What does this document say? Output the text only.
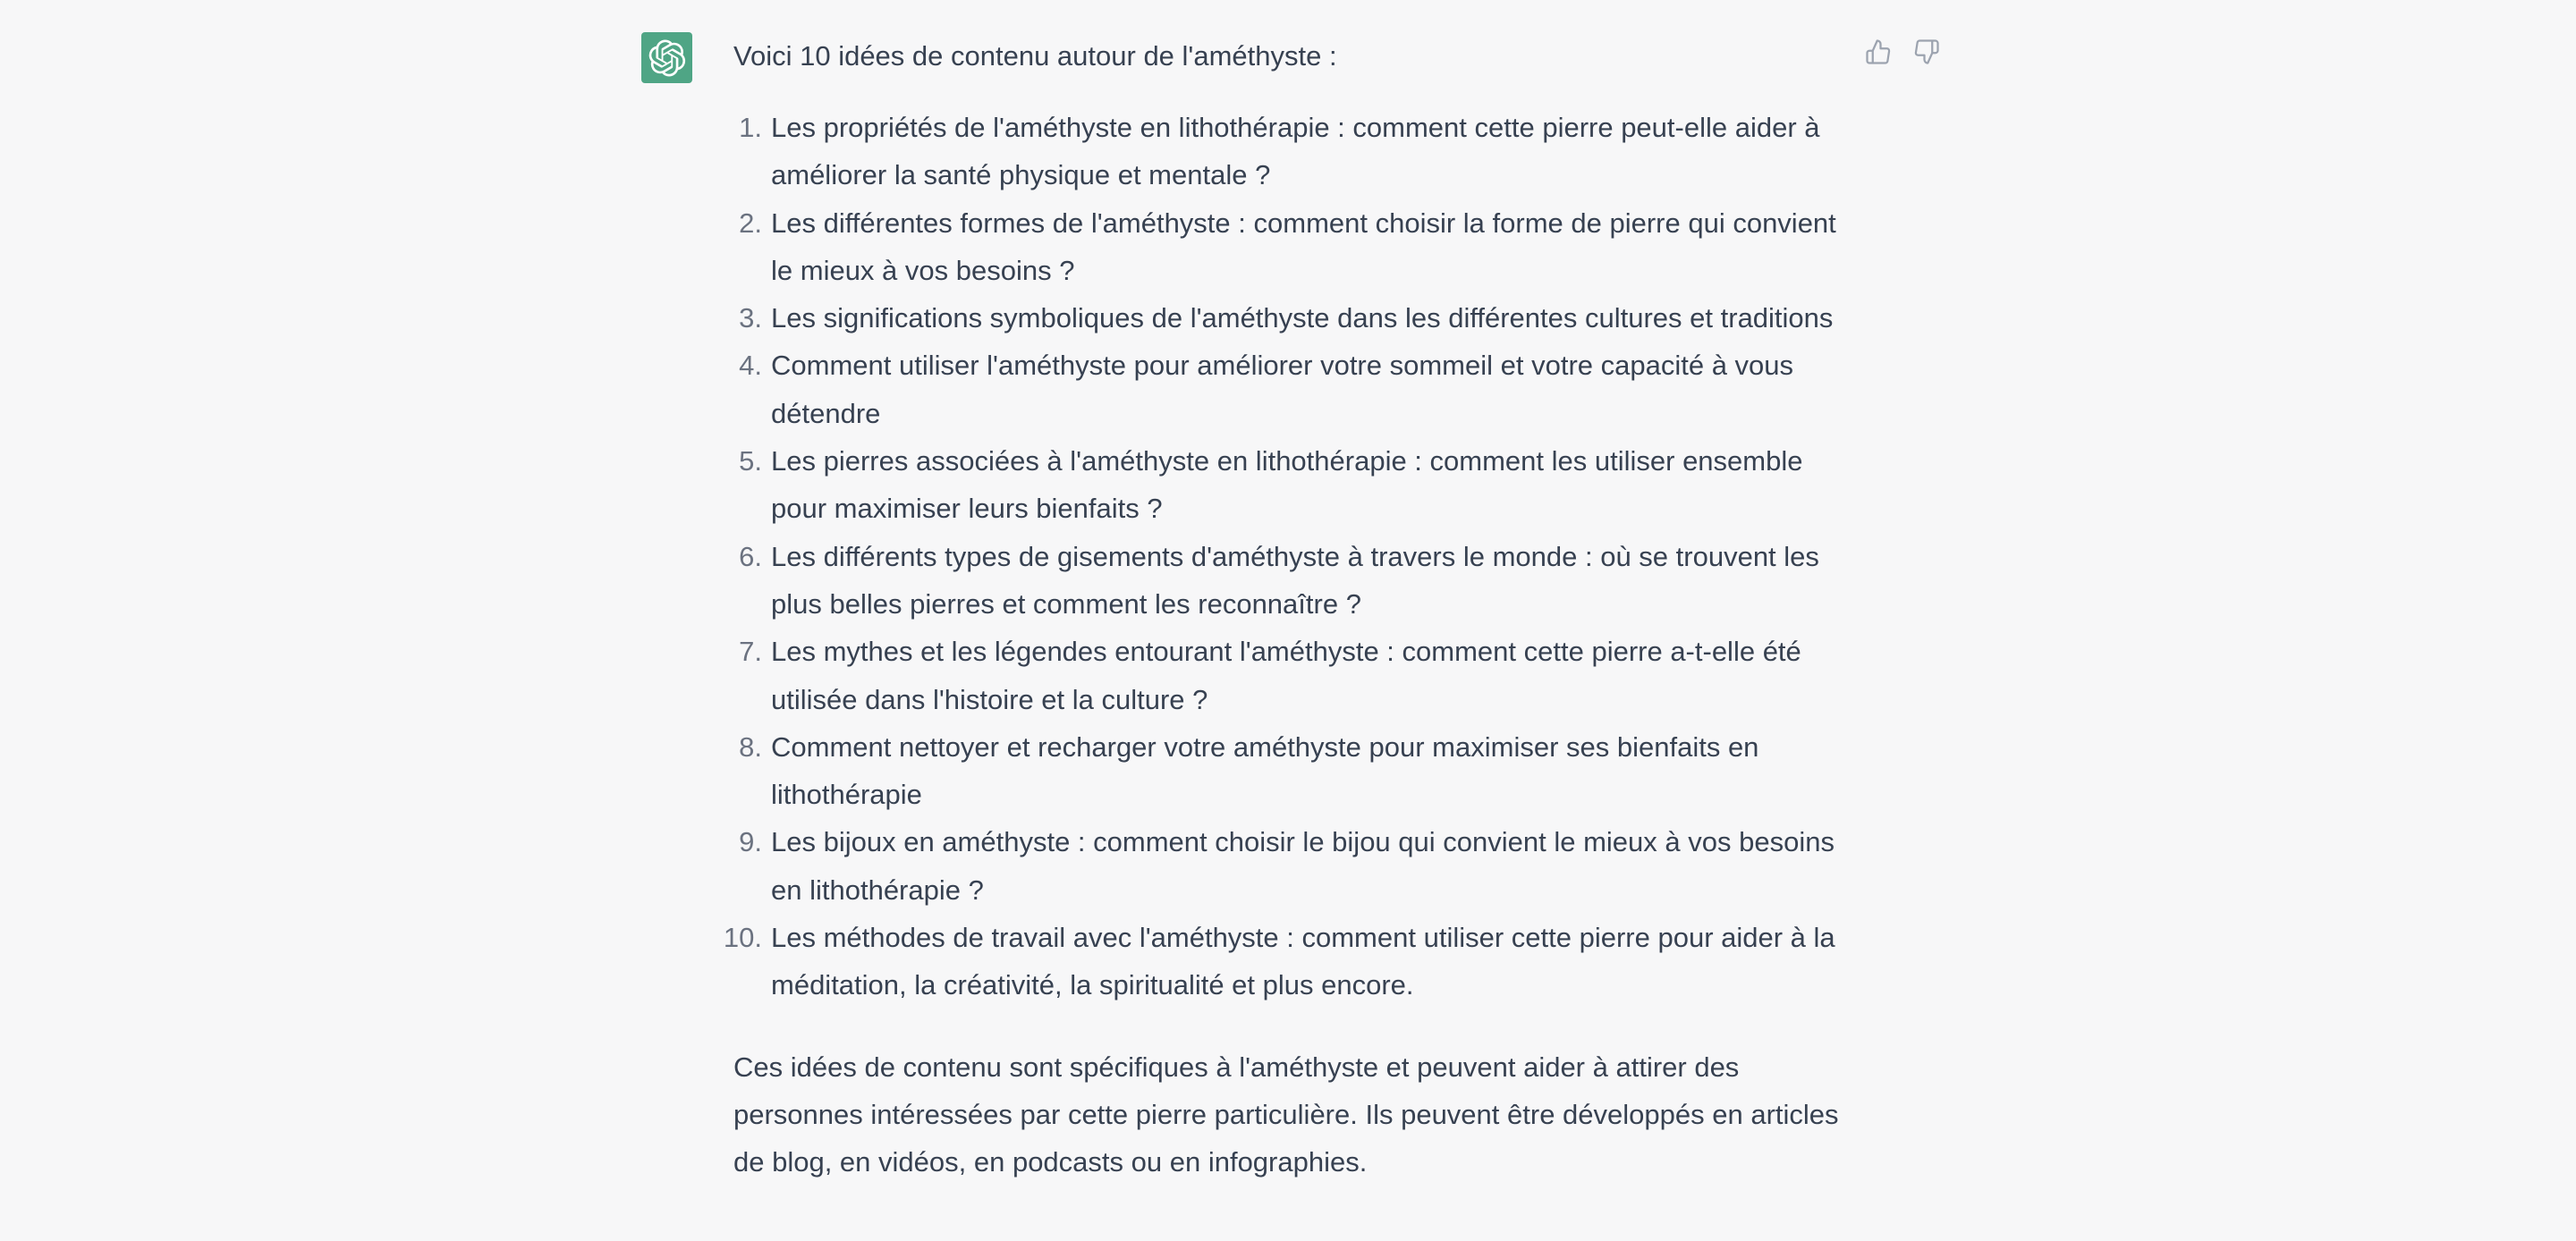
Voici 10 idées de contenu autour de l'améthyste :

1. Les propriétés de l'améthyste en lithothérapie : comment cette pierre peut-elle aider à améliorer la santé physique et mentale ?
2. Les différentes formes de l'améthyste : comment choisir la forme de pierre qui convient le mieux à vos besoins ?
3. Les significations symboliques de l'améthyste dans les différentes cultures et traditions
4. Comment utiliser l'améthyste pour améliorer votre sommeil et votre capacité à vous détendre
5. Les pierres associées à l'améthyste en lithothérapie : comment les utiliser ensemble pour maximiser leurs bienfaits ?
6. Les différents types de gisements d'améthyste à travers le monde : où se trouvent les plus belles pierres et comment les reconnaître ?
7. Les mythes et les légendes entourant l'améthyste : comment cette pierre a-t-elle été utilisée dans l'histoire et la culture ?
8. Comment nettoyer et recharger votre améthyste pour maximiser ses bienfaits en lithothérapie
9. Les bijoux en améthyste : comment choisir le bijou qui convient le mieux à vos besoins en lithothérapie ?
10. Les méthodes de travail avec l'améthyste : comment utiliser cette pierre pour aider à la méditation, la créativité, la spiritualité et plus encore.

Ces idées de contenu sont spécifiques à l'améthyste et peuvent aider à attirer des personnes intéressées par cette pierre particulière. Ils peuvent être développés en articles de blog, en vidéos, en podcasts ou en infographies.
